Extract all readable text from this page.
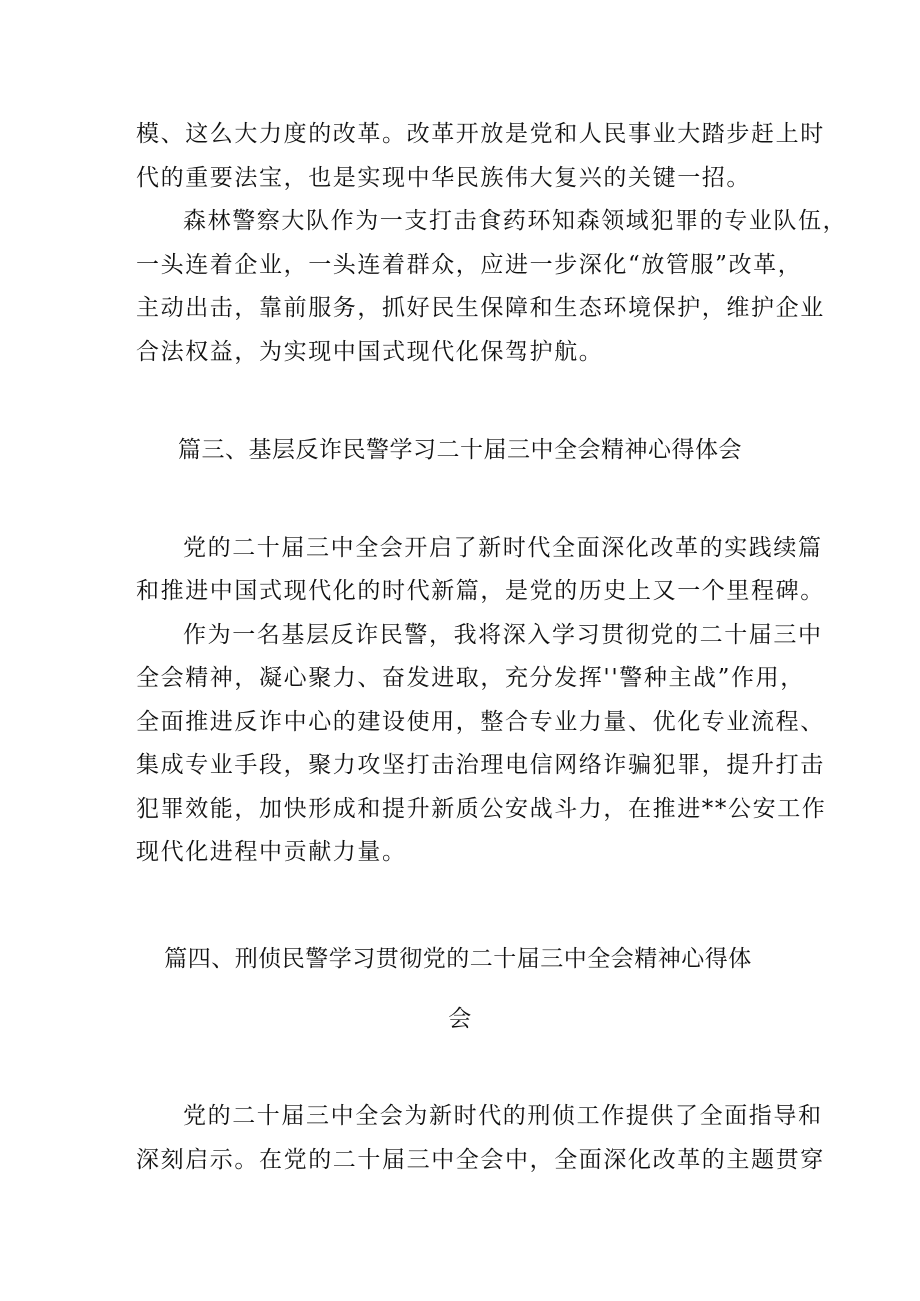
模、这么大力度的改革。改革开放是党和人民事业大踏步赶上时
代的重要法宝，也是实现中华民族伟大复兴的关键一招。
森林警察大队作为一支打击食药环知森领域犯罪的专业队伍，
一头连着企业，一头连着群众，应进一步深化“放管服”改革，
主动出击，靠前服务，抓好民生保障和生态环境保护，维护企业
合法权益，为实现中国式现代化保驾护航。
篇三、基层反诈民警学习二十届三中全会精神心得体会
党的二十届三中全会开启了新时代全面深化改革的实践续篇
和推进中国式现代化的时代新篇，是党的历史上又一个里程碑。
作为一名基层反诈民警，我将深入学习贯彻党的二十届三中
全会精神，凝心聚力、奋发进取，充分发挥''警种主战”作用，
全面推进反诈中心的建设使用，整合专业力量、优化专业流程、
集成专业手段，聚力攻坚打击治理电信网络诈骗犯罪，提升打击
犯罪效能，加快形成和提升新质公安战斗力，在推进**公安工作
现代化进程中贡献力量。
篇四、刑侦民警学习贯彻党的二十届三中全会精神心得体
会
党的二十届三中全会为新时代的刑侦工作提供了全面指导和
深刻启示。在党的二十届三中全会中，全面深化改革的主题贯穿
